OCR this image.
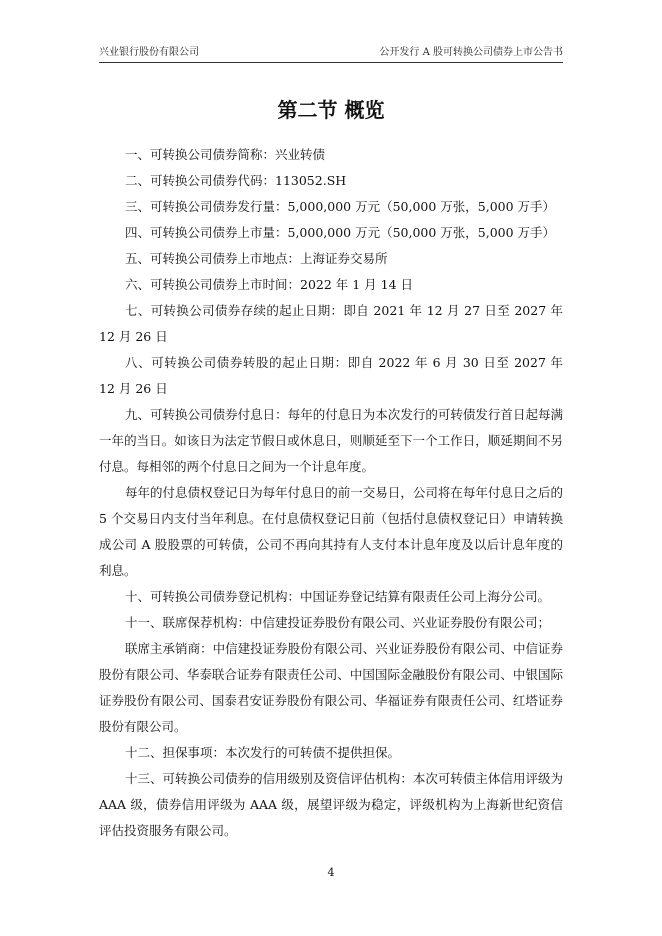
兴业银行股份有限公司	公开发行 A 股可转换公司债券上市公告书
第二节 概览

一、可转换公司债券简称：兴业转债

二、可转换公司债券代码：113052.SH

三、可转换公司债券发行量：5,000,000 万元（50,000 万张，5,000 万手）

四、可转换公司债券上市量：5,000,000 万元（50,000 万张，5,000 万手）

五、可转换公司债券上市地点：上海证券交易所

六、可转换公司债券上市时间：2022 年 1 月 14 日

七、可转换公司债券存续的起止日期：即自 2021 年 12 月 27 日至 2027 年 12 月 26 日

八、可转换公司债券转股的起止日期：即自 2022 年 6 月 30 日至 2027 年 12 月 26 日

九、可转换公司债券付息日：每年的付息日为本次发行的可转债发行首日起每满一年的当日。如该日为法定节假日或休息日，则顺延至下一个工作日，顺延期间不另付息。每相邻的两个付息日之间为一个计息年度。

每年的付息债权登记日为每年付息日的前一交易日，公司将在每年付息日之后的 5 个交易日内支付当年利息。在付息债权登记日前（包括付息债权登记日）申请转换成公司 A 股股票的可转债，公司不再向其持有人支付本计息年度及以后计息年度的利息。

十、可转换公司债券登记机构：中国证券登记结算有限责任公司上海分公司。

十一、联席保荐机构：中信建投证券股份有限公司、兴业证券股份有限公司；

联席主承销商：中信建投证券股份有限公司、兴业证券股份有限公司、中信证券股份有限公司、华泰联合证券有限责任公司、中国国际金融股份有限公司、中银国际证券股份有限公司、国泰君安证券股份有限公司、华福证券有限责任公司、红塔证券股份有限公司。

十二、担保事项：本次发行的可转债不提供担保。

十三、可转换公司债券的信用级别及资信评估机构：本次可转债主体信用评级为 AAA 级，债券信用评级为 AAA 级，展望评级为稳定，评级机构为上海新世纪资信评估投资服务有限公司。

4
